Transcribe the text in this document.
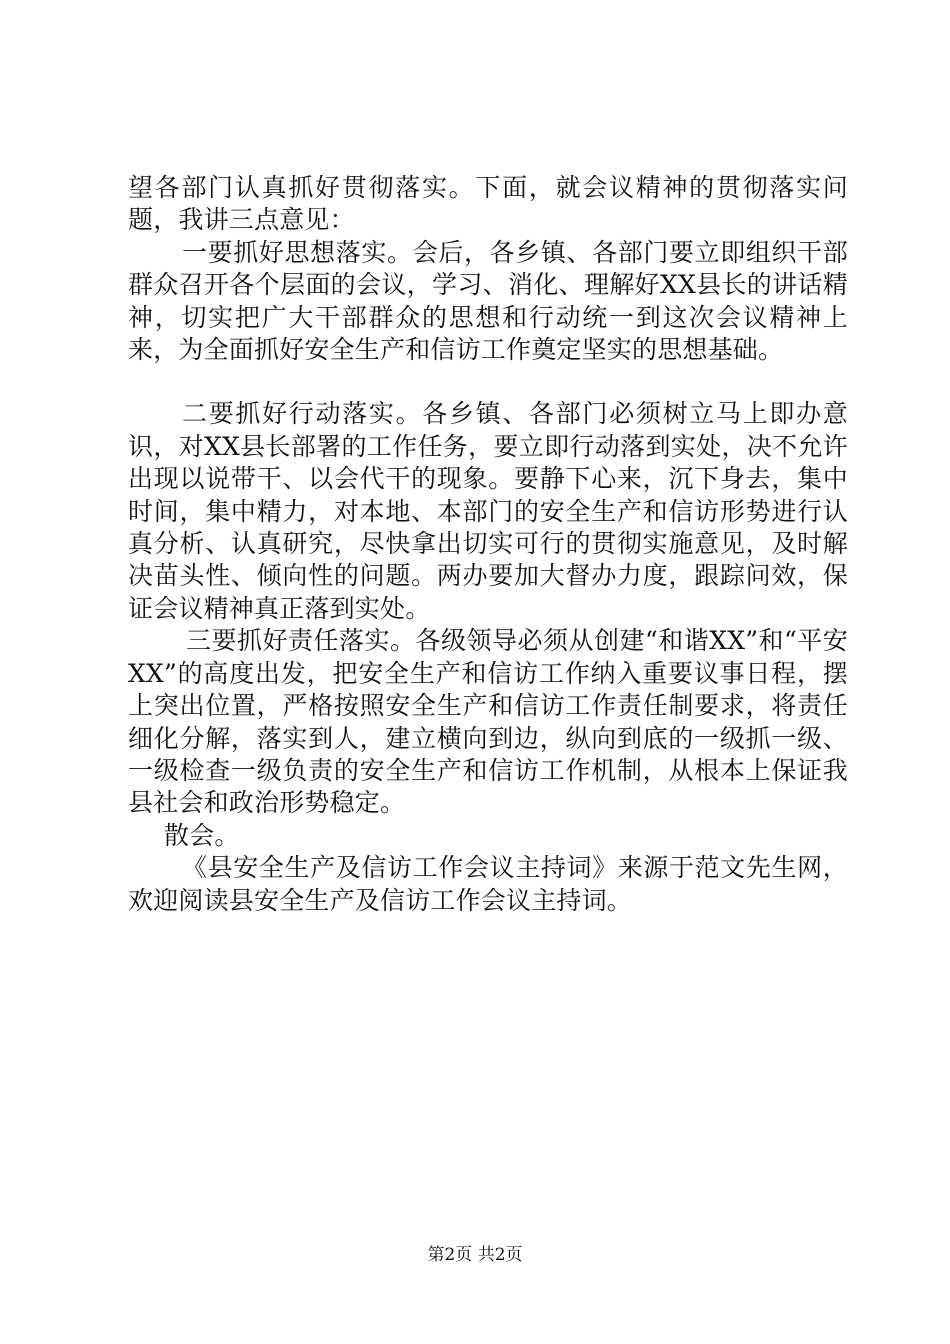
望各部门认真抓好贯彻落实。下面，就会议精神的贯彻落实问题，我讲三点意见：

一要抓好思想落实。会后，各乡镇、各部门要立即组织干部群众召开各个层面的会议，学习、消化、理解好XX县长的讲话精神，切实把广大干部群众的思想和行动统一到这次会议精神上来，为全面抓好安全生产和信访工作奠定坚实的思想基础。

二要抓好行动落实。各乡镇、各部门必须树立马上即办意识，对XX县长部署的工作任务，要立即行动落到实处，决不允许出现以说带干、以会代干的现象。要静下心来，沉下身去，集中时间，集中精力，对本地、本部门的安全生产和信访形势进行认真分析、认真研究，尽快拿出切实可行的贯彻实施意见，及时解决苗头性、倾向性的问题。两办要加大督办力度，跟踪问效，保证会议精神真正落到实处。

三要抓好责任落实。各级领导必须从创建“和谐XX”和“平安XX”的高度出发，把安全生产和信访工作纳入重要议事日程，摆上突出位置，严格按照安全生产和信访工作责任制要求，将责任细化分解，落实到人，建立横向到边，纵向到底的一级抓一级、一级检查一级负责的安全生产和信访工作机制，从根本上保证我县社会和政治形势稳定。

散会。

《县安全生产及信访工作会议主持词》来源于范文先生网，欢迎阅读县安全生产及信访工作会议主持词。

第2页 共2页
